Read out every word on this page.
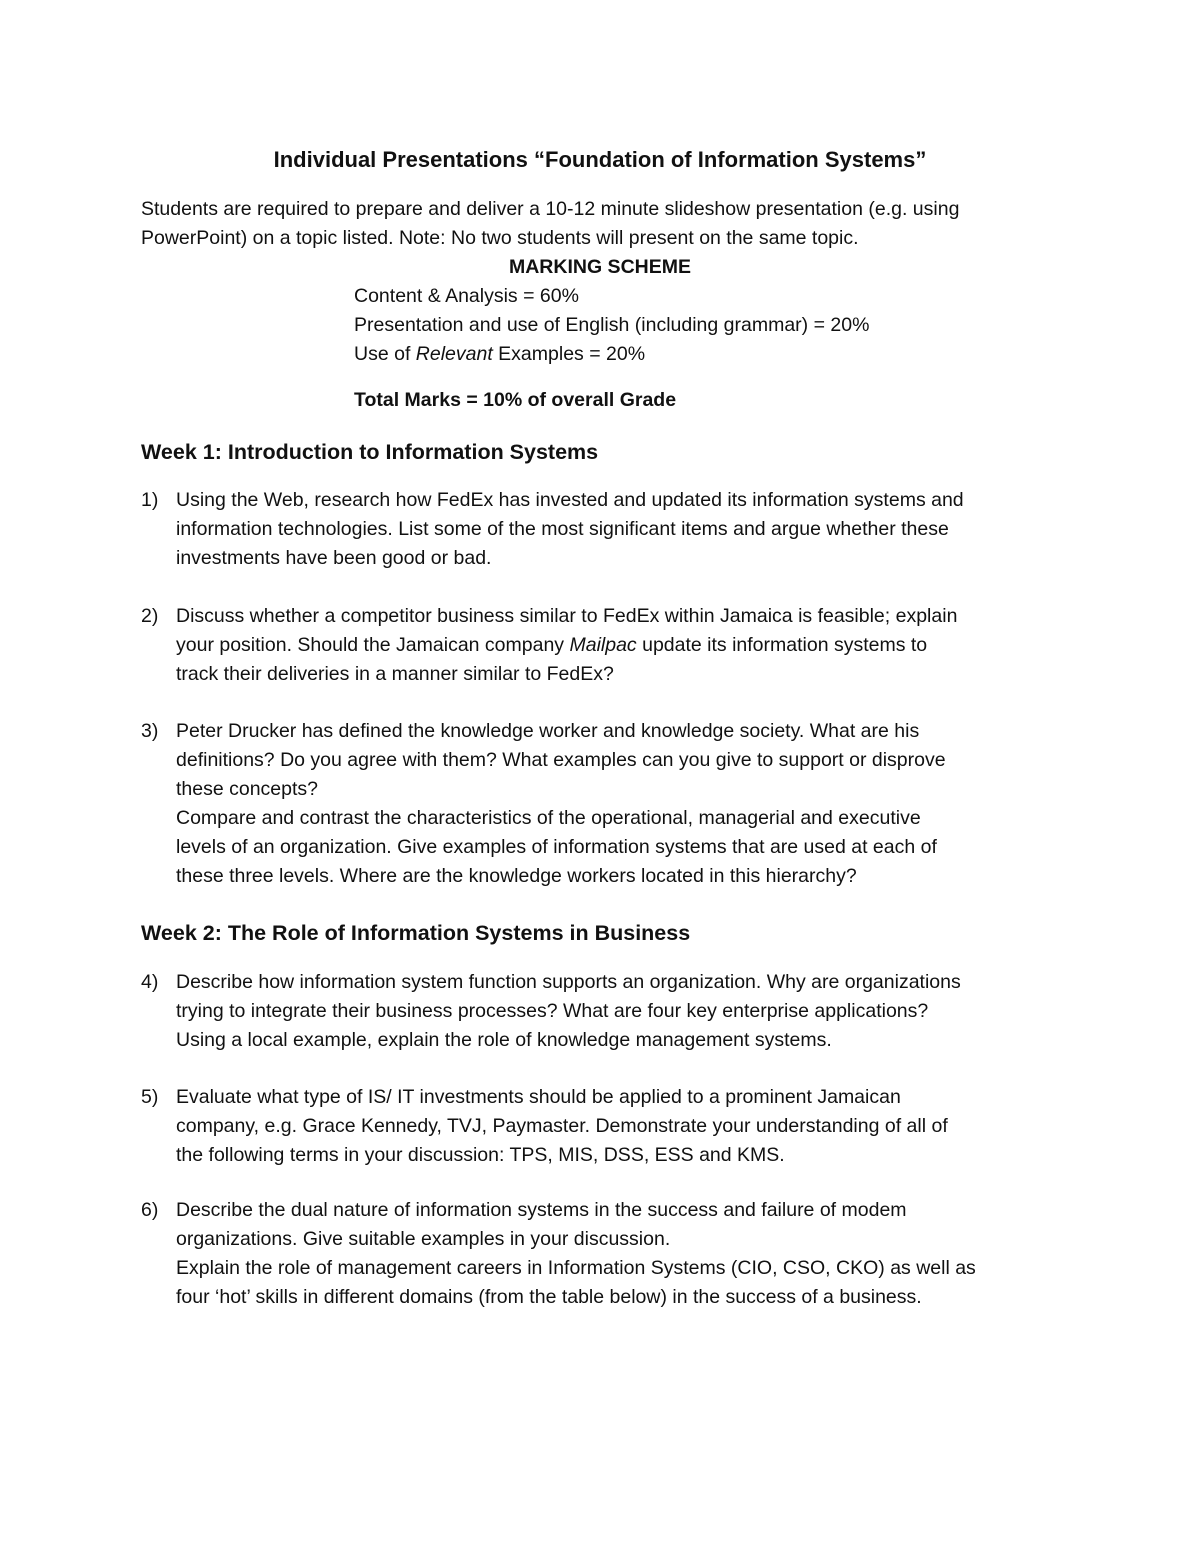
Individual Presentations “Foundation of Information Systems”
Students are required to prepare and deliver a 10-12 minute slideshow presentation (e.g. using
PowerPoint) on a topic listed. Note: No two students will present on the same topic.
MARKING SCHEME
Content & Analysis = 60%
Presentation and use of English (including grammar) = 20%
Use of Relevant Examples = 20%
Total Marks = 10% of overall Grade
Week 1: Introduction to Information Systems
1) Using the Web, research how FedEx has invested and updated its information systems and
information technologies. List some of the most significant items and argue whether these
investments have been good or bad.
2) Discuss whether a competitor business similar to FedEx within Jamaica is feasible; explain
your position. Should the Jamaican company Mailpac update its information systems to
track their deliveries in a manner similar to FedEx?
3) Peter Drucker has defined the knowledge worker and knowledge society. What are his
definitions? Do you agree with them? What examples can you give to support or disprove
these concepts?
Compare and contrast the characteristics of the operational, managerial and executive
levels of an organization. Give examples of information systems that are used at each of
these three levels. Where are the knowledge workers located in this hierarchy?
Week 2: The Role of Information Systems in Business
4) Describe how information system function supports an organization. Why are organizations
trying to integrate their business processes? What are four key enterprise applications?
Using a local example, explain the role of knowledge management systems.
5) Evaluate what type of IS/ IT investments should be applied to a prominent Jamaican
company, e.g. Grace Kennedy, TVJ, Paymaster. Demonstrate your understanding of all of
the following terms in your discussion: TPS, MIS, DSS, ESS and KMS.
6) Describe the dual nature of information systems in the success and failure of modem
organizations. Give suitable examples in your discussion.
Explain the role of management careers in Information Systems (CIO, CSO, CKO) as well as
four ‘hot’ skills in different domains (from the table below) in the success of a business.
